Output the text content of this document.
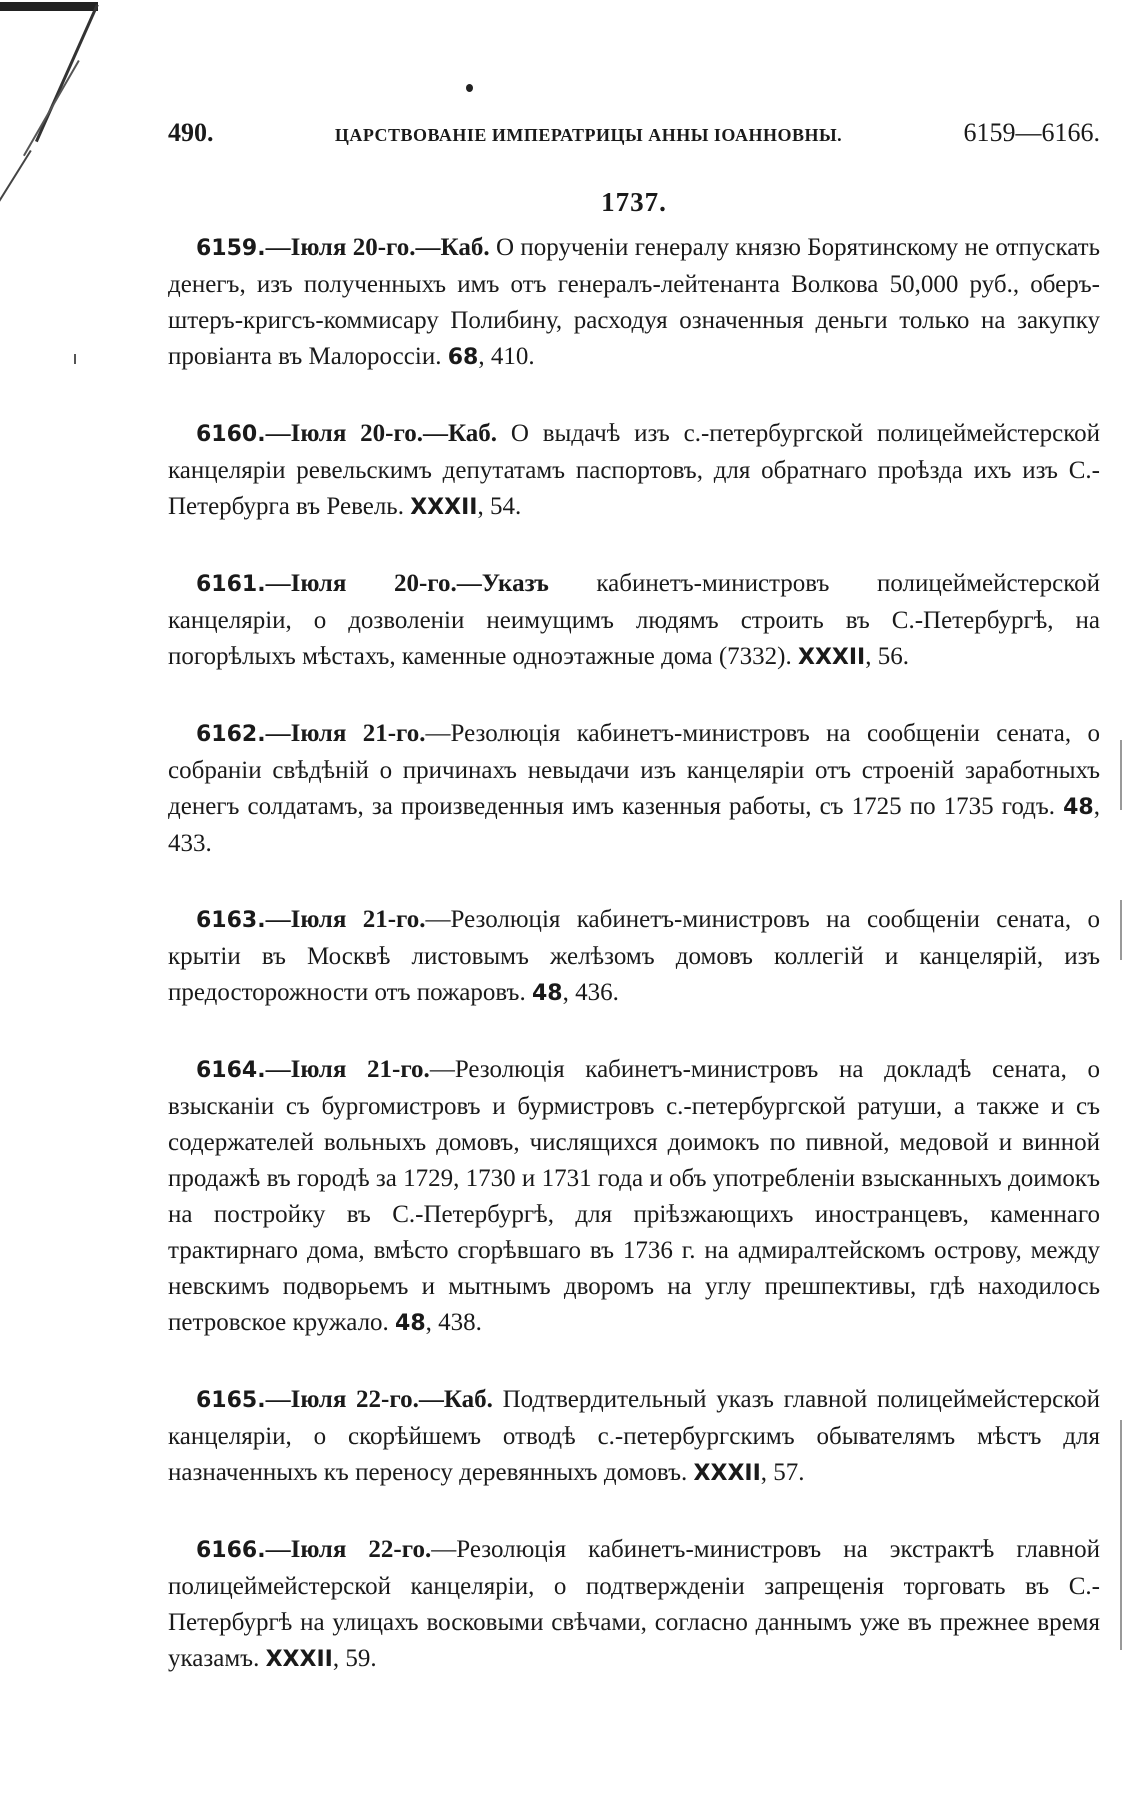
490.	ЦАРСТВОВАНІЕ ИМПЕРАТРИЦЫ АННЫ ІОАННОВНЫ.	6159—6166.
1737.

6159.—Іюля 20-го.—Каб. О порученіи генералу князю Борятинскому не отпускать денегъ, изъ полученныхъ имъ отъ генералъ-лейтенанта Волкова 50,000 руб., оберъ-штеръ-кригсъ-коммисару Полибину, расходуя означенныя деньги только на закупку провіанта въ Малороссіи. 68, 410.

6160.—Іюля 20-го.—Каб. О выдачѣ изъ с.-петербургской полицеймейстерской канцеляріи ревельскимъ депутатамъ паспортовъ, для обратнаго проѣзда ихъ изъ С.-Петербурга въ Ревель. XXXII, 54.

6161.—Іюля 20-го.—Указъ кабинетъ-министровъ полицеймейстерской канцеляріи, о дозволеніи неимущимъ людямъ строить въ С.-Петербургѣ, на погорѣлыхъ мѣстахъ, каменные одноэтажные дома (7332). XXXII, 56.

6162.—Іюля 21-го.—Резолюція кабинетъ-министровъ на сообщеніи сената, о собраніи свѣдѣній о причинахъ невыдачи изъ канцеляріи отъ строеній заработныхъ денегъ солдатамъ, за произведенныя имъ казенныя работы, съ 1725 по 1735 годъ. 48, 433.

6163.—Іюля 21-го.—Резолюція кабинетъ-министровъ на сообщеніи сената, о крытіи въ Москвѣ листовымъ желѣзомъ домовъ коллегій и канцелярій, изъ предосторожности отъ пожаровъ. 48, 436.

6164.—Іюля 21-го.—Резолюція кабинетъ-министровъ на докладѣ сената, о взысканіи съ бургомистровъ и бурмистровъ с.-петербургской ратуши, а также и съ содержателей вольныхъ домовъ, числящихся доимокъ по пивной, медовой и винной продажѣ въ городѣ за 1729, 1730 и 1731 года и объ употребленіи взысканныхъ доимокъ на постройку въ С.-Петербургѣ, для пріѣзжающихъ иностранцевъ, каменнаго трактирнаго дома, вмѣсто сгорѣвшаго въ 1736 г. на адмиралтейскомъ острову, между невскимъ подворьемъ и мытнымъ дворомъ на углу прешпективы, гдѣ находилось петровское кружало. 48, 438.

6165.—Іюля 22-го.—Каб. Подтвердительный указъ главной полицеймейстерской канцеляріи, о скорѣйшемъ отводѣ с.-петербургскимъ обывателямъ мѣстъ для назначенныхъ къ переносу деревянныхъ домовъ. XXXII, 57.

6166.—Іюля 22-го.—Резолюція кабинетъ-министровъ на экстрактѣ главной полицеймейстерской канцеляріи, о подтвержденіи запрещенія торговать въ С.-Петербургѣ на улицахъ восковыми свѣчами, согласно даннымъ уже въ прежнее время указамъ. XXXII, 59.
